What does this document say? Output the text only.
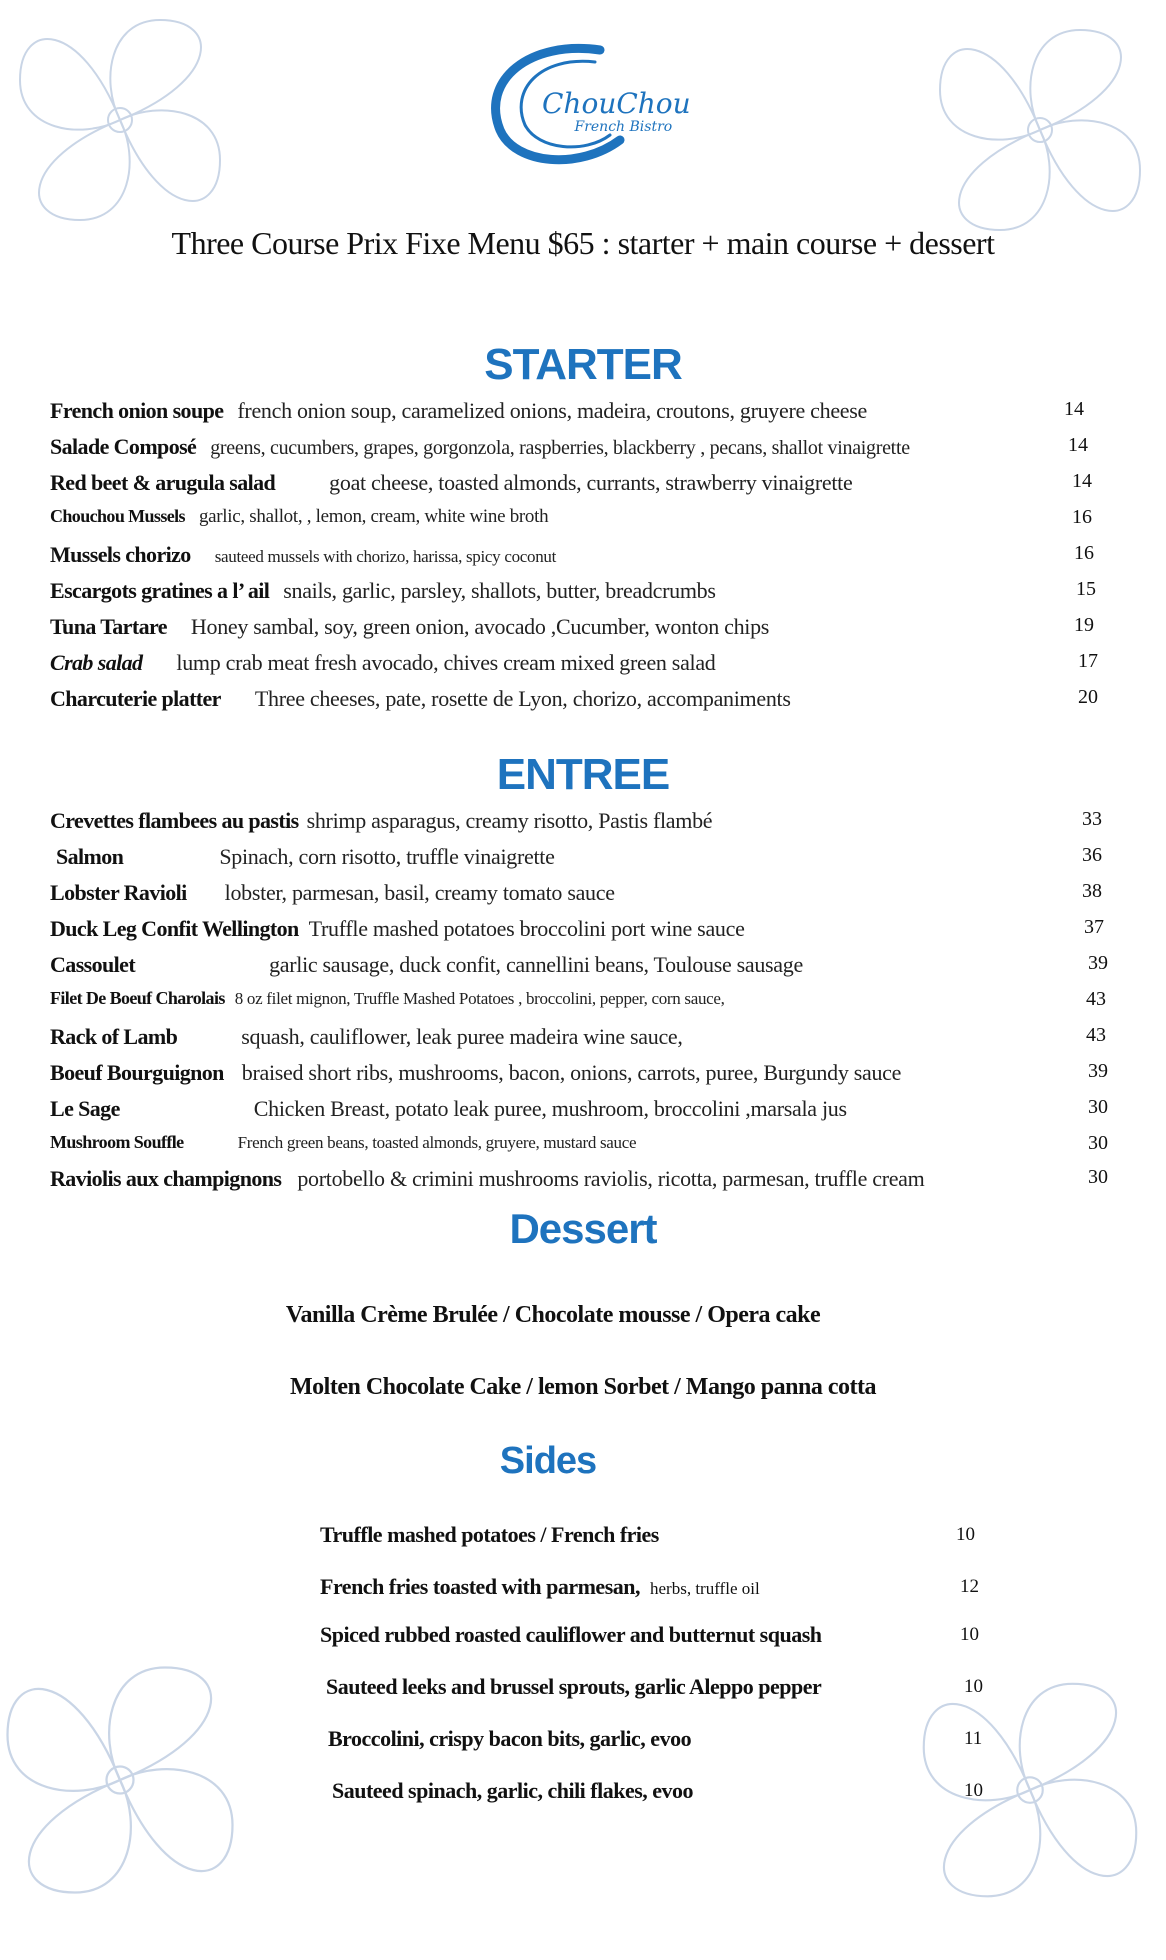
ChouChou
French Bistro
Three Course Prix Fixe Menu $65 : starter + main course + dessert
STARTER
French onion soupe french onion soup, caramelized onions, madeira, croutons, gruyere cheese	14
Salade Composé greens, cucumbers, grapes, gorgonzola, raspberries, blackberry , pecans, shallot vinaigrette	14
Red beet & arugula salad goat cheese, toasted almonds, currants, strawberry vinaigrette	14
Chouchou Mussels garlic, shallot, , lemon, cream, white wine broth	16
Mussels chorizo sauteed mussels with chorizo, harissa, spicy coconut	16
Escargots gratines a l’ ail snails, garlic, parsley, shallots, butter, breadcrumbs	15
Tuna Tartare Honey sambal, soy, green onion, avocado ,Cucumber, wonton chips	19
Crab salad lump crab meat fresh avocado, chives cream mixed green salad	17
Charcuterie platter Three cheeses, pate, rosette de Lyon, chorizo, accompaniments	20
ENTREE
Crevettes flambees au pastis shrimp asparagus, creamy risotto, Pastis flambé	33
Salmon	Spinach, corn risotto, truffle vinaigrette	36
Lobster Ravioli lobster, parmesan, basil, creamy tomato sauce	38
Duck Leg Confit Wellington Truffle mashed potatoes broccolini port wine sauce	37
Cassoulet	garlic sausage, duck confit, cannellini beans, Toulouse sausage	39
Filet De Boeuf Charolais 8 oz filet mignon, Truffle Mashed Potatoes , broccolini, pepper, corn sauce,	43
Rack of Lamb	squash, cauliflower, leak puree madeira wine sauce,	43
Boeuf Bourguignon braised short ribs, mushrooms, bacon, onions, carrots, puree, Burgundy sauce	39
Le Sage	Chicken Breast, potato leak puree, mushroom, broccolini ,marsala jus	30
Mushroom Souffle	French green beans, toasted almonds, gruyere, mustard sauce	30
Raviolis aux champignons portobello & crimini mushrooms raviolis, ricotta, parmesan, truffle cream	30
Dessert
Vanilla Crème Brulée / Chocolate mousse / Opera cake
Molten Chocolate Cake / lemon Sorbet / Mango panna cotta
Sides
Truffle mashed potatoes / French fries	10
French fries toasted with parmesan, herbs, truffle oil	12
Spiced rubbed roasted cauliflower and butternut squash	10
Sauteed leeks and brussel sprouts, garlic Aleppo pepper	10
Broccolini, crispy bacon bits, garlic, evoo	11
Sauteed spinach, garlic, chili flakes, evoo	10
